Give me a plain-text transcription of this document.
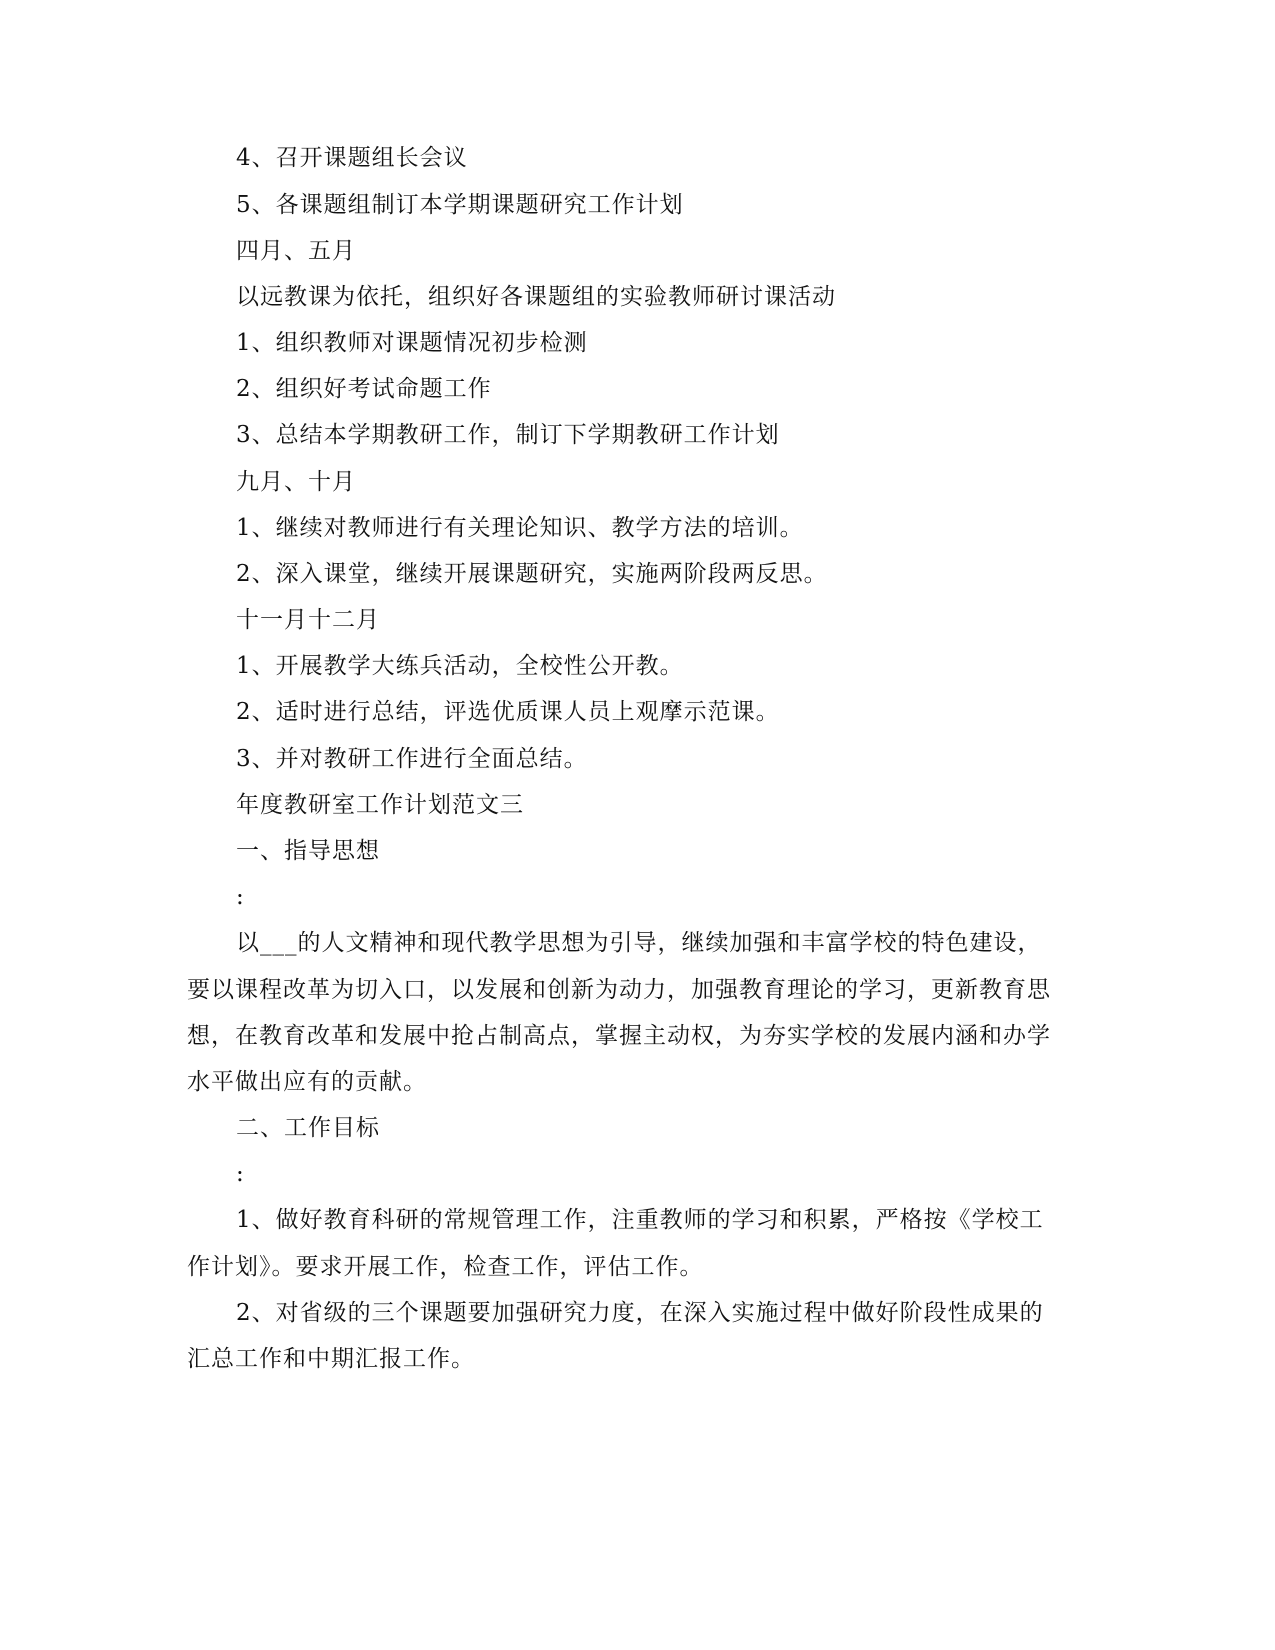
4、召开课题组长会议
5、各课题组制订本学期课题研究工作计划
四月、五月
以远教课为依托，组织好各课题组的实验教师研讨课活动
1、组织教师对课题情况初步检测
2、组织好考试命题工作
3、总结本学期教研工作，制订下学期教研工作计划
九月、十月
1、继续对教师进行有关理论知识、教学方法的培训。
2、深入课堂，继续开展课题研究，实施两阶段两反思。
十一月十二月
1、开展教学大练兵活动，全校性公开教。
2、适时进行总结，评选优质课人员上观摩示范课。
3、并对教研工作进行全面总结。
年度教研室工作计划范文三
一、指导思想
:
以___的人文精神和现代教学思想为引导，继续加强和丰富学校的特色建设，
要以课程改革为切入口，以发展和创新为动力，加强教育理论的学习，更新教育思
想，在教育改革和发展中抢占制高点，掌握主动权，为夯实学校的发展内涵和办学
水平做出应有的贡献。
二、工作目标
:
1、做好教育科研的常规管理工作，注重教师的学习和积累，严格按《学校工
作计划》。要求开展工作，检查工作，评估工作。
2、对省级的三个课题要加强研究力度，在深入实施过程中做好阶段性成果的
汇总工作和中期汇报工作。
